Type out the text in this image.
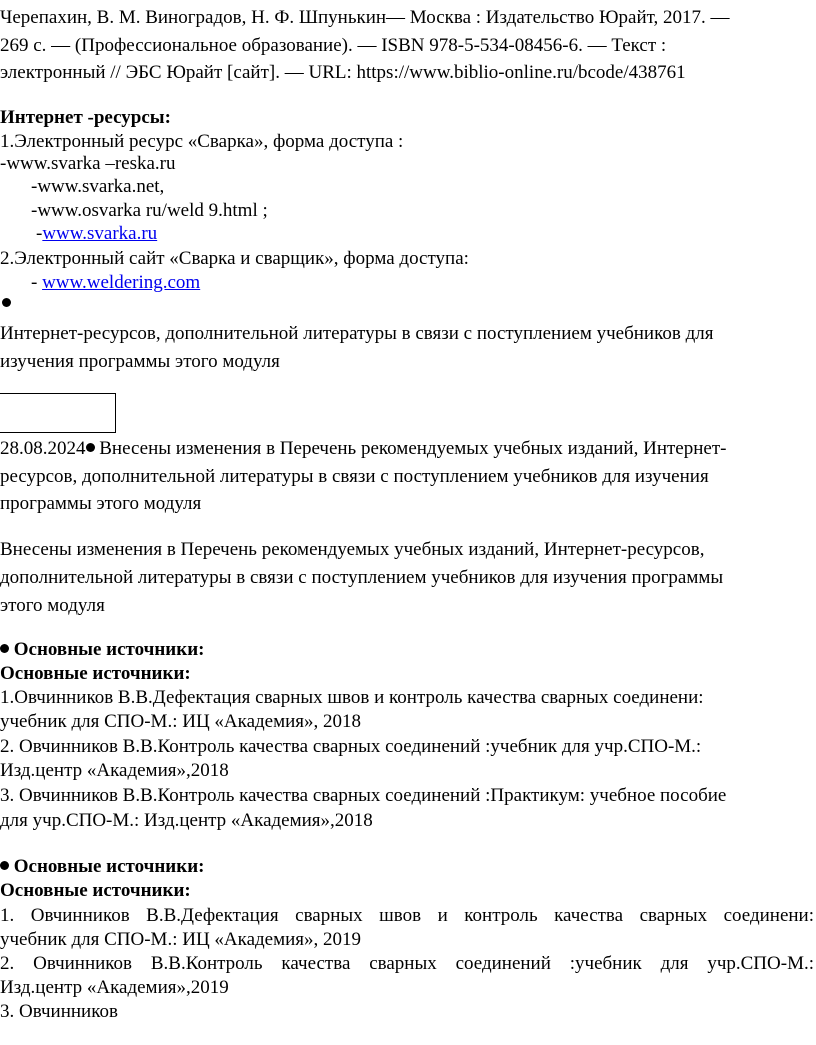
Черепахин, В. М. Виноградов, Н. Ф. Шпунькин— Москва : Издательство Юрайт, 2017. —
269 с. — (Профессиональное образование). — ISBN 978-5-534-08456-6. — Текст :
электронный // ЭБС Юрайт [сайт]. — URL: https://www.biblio-online.ru/bcode/438761
Интернет -ресурсы:
1.Электронный ресурс «Сварка», форма доступа :
-www.svarka –reska.ru
-www.svarka.net,
-www.osvarka ru/weld 9.html ;
-www.svarka.ru
2.Электронный сайт «Сварка и сварщик», форма доступа:
- www.weldering.com
Интернет-ресурсов, дополнительной литературы в связи с поступлением учебников для
изучения программы этого модуля
28.08.2024 Внесены изменения в Перечень рекомендуемых учебных изданий, Интернет-
ресурсов, дополнительной литературы в связи с поступлением учебников для изучения
программы этого модуля
Внесены изменения в Перечень рекомендуемых учебных изданий, Интернет-ресурсов,
дополнительной литературы в связи с поступлением учебников для изучения программы
этого модуля
Основные источники:
Основные источники:
1.Овчинников В.В.Дефектация сварных швов и контроль качества сварных соединени:
учебник для СПО-М.: ИЦ «Академия», 2018
2. Овчинников В.В.Контроль качества сварных соединений :учебник для учр.СПО-М.:
Изд.центр «Академия»,2018
3. Овчинников В.В.Контроль качества сварных соединений :Практикум: учебное пособие
для учр.СПО-М.: Изд.центр «Академия»,2018
Основные источники:
Основные источники:
1. Овчинников В.В.Дефектация сварных швов и контроль качества сварных соединени:
учебник для СПО-М.: ИЦ «Академия», 2019
2. Овчинников В.В.Контроль качества сварных соединений :учебник для учр.СПО-М.:
Изд.центр «Академия»,2019
3. Овчинников
